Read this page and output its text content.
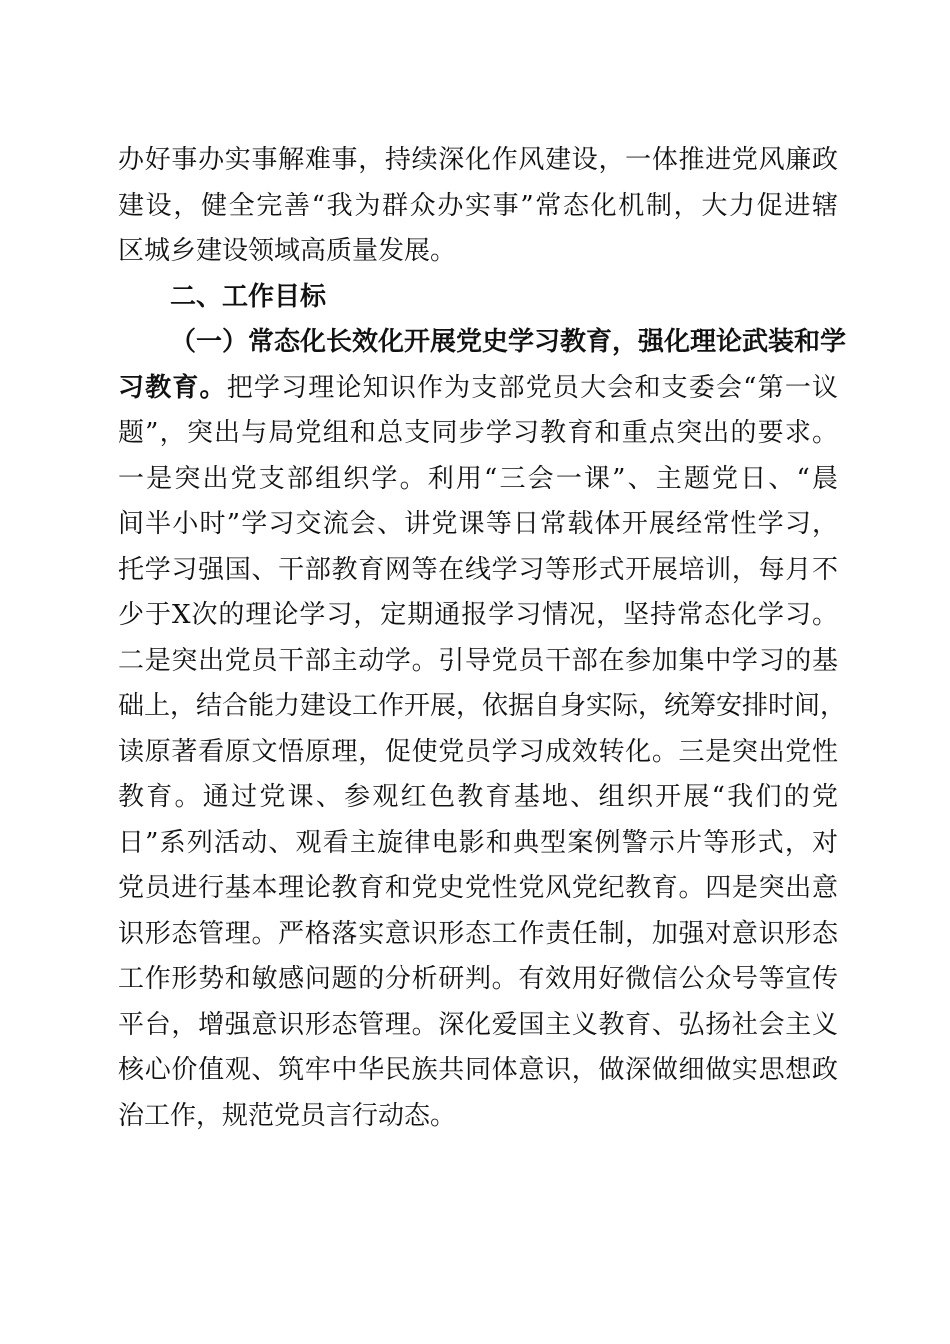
办好事办实事解难事，持续深化作风建设，一体推进党风廉政
建设，健全完善“我为群众办实事”常态化机制，大力促进辖
区城乡建设领域高质量发展。
二、工作目标
（一）常态化长效化开展党史学习教育，强化理论武装和学
习教育。把学习理论知识作为支部党员大会和支委会“第一议
题”，突出与局党组和总支同步学习教育和重点突出的要求。
一是突出党支部组织学。利用“三会一课”、主题党日、“晨
间半小时”学习交流会、讲党课等日常载体开展经常性学习，
托学习强国、干部教育网等在线学习等形式开展培训，每月不
少于X次的理论学习，定期通报学习情况，坚持常态化学习。
二是突出党员干部主动学。引导党员干部在参加集中学习的基
础上，结合能力建设工作开展，依据自身实际，统筹安排时间，
读原著看原文悟原理，促使党员学习成效转化。三是突出党性
教育。通过党课、参观红色教育基地、组织开展“我们的党
日”系列活动、观看主旋律电影和典型案例警示片等形式，对
党员进行基本理论教育和党史党性党风党纪教育。四是突出意
识形态管理。严格落实意识形态工作责任制，加强对意识形态
工作形势和敏感问题的分析研判。有效用好微信公众号等宣传
平台，增强意识形态管理。深化爱国主义教育、弘扬社会主义
核心价值观、筑牢中华民族共同体意识，做深做细做实思想政
治工作，规范党员言行动态。
